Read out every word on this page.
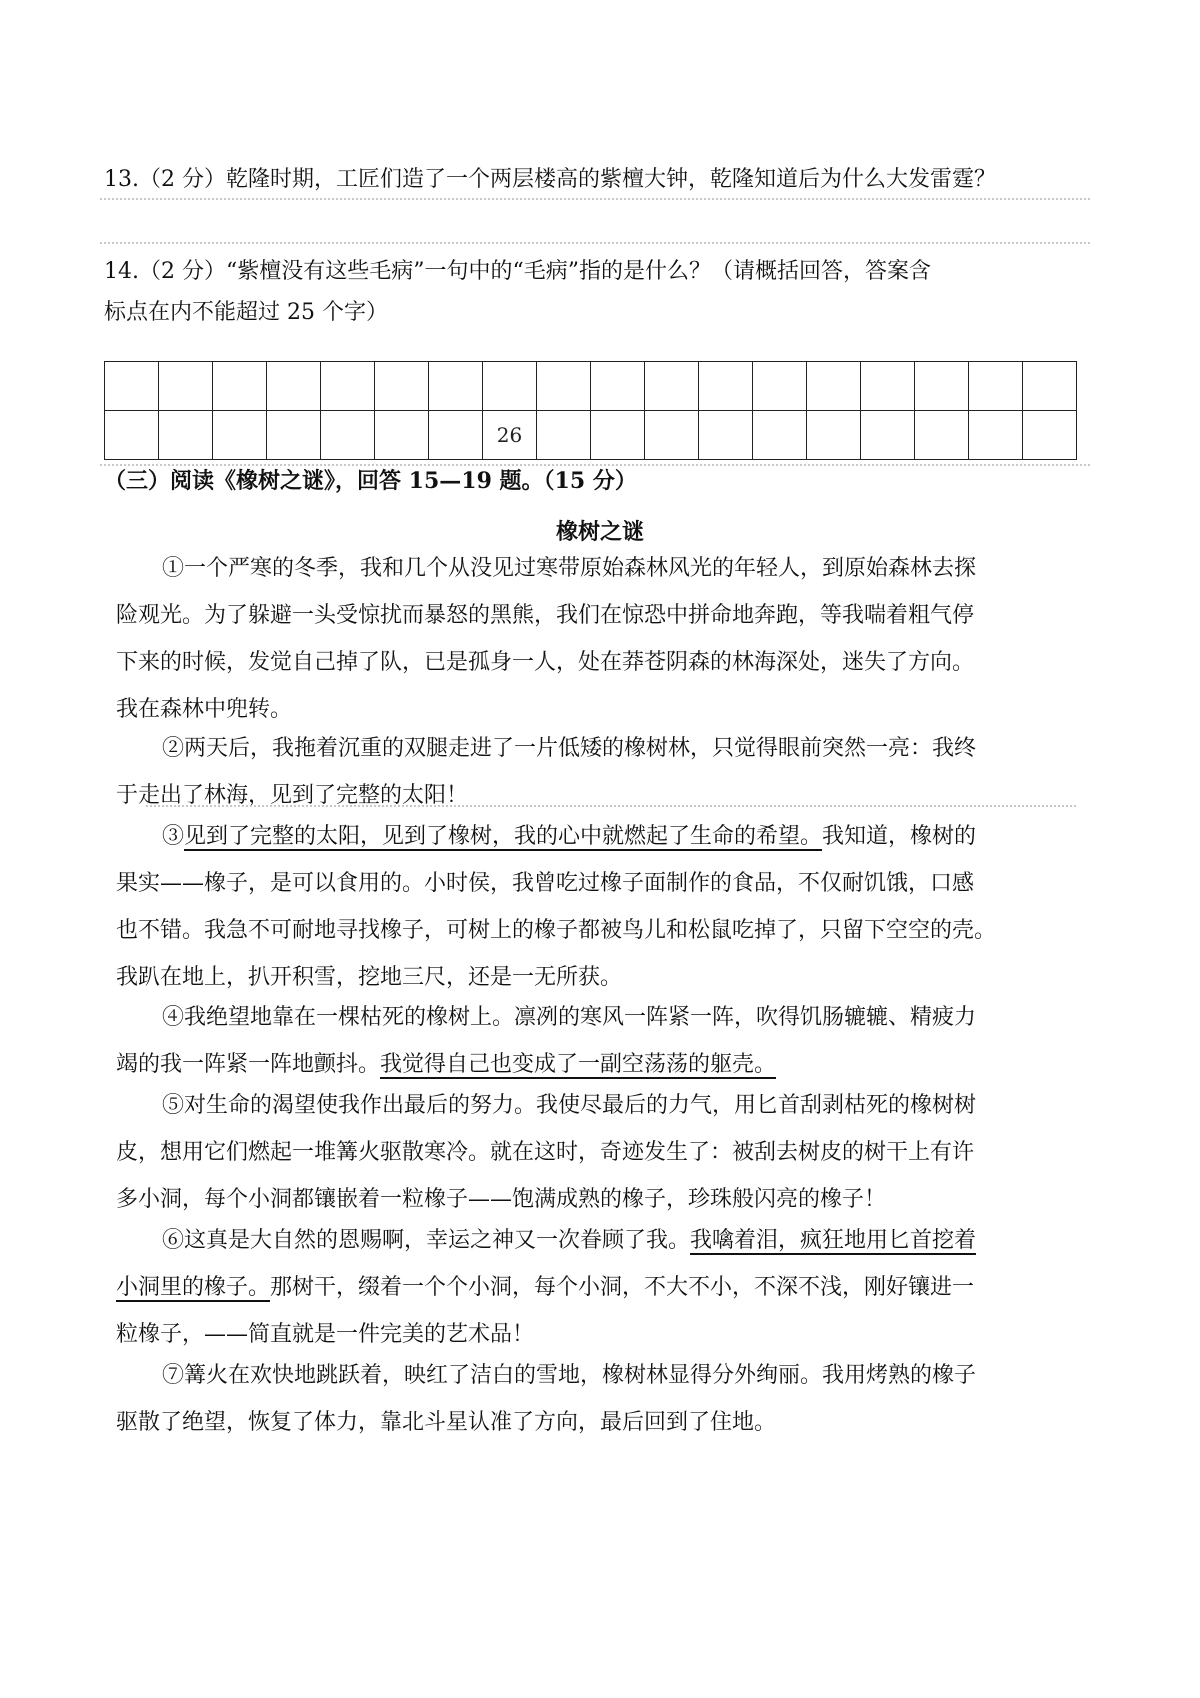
13.（2 分）乾隆时期，工匠们造了一个两层楼高的紫檀大钟，乾隆知道后为什么大发雷霆？
14.（2 分）“紫檀没有这些毛病”一句中的“毛病”指的是什么？（请概括回答，答案含
标点在内不能超过 25 个字）

							26										
（三）阅读《橡树之谜》，回答 15—19 题。（15 分）
橡树之谜
①一个严寒的冬季，我和几个从没见过寒带原始森林风光的年轻人，到原始森林去探
险观光。为了躲避一头受惊扰而暴怒的黑熊，我们在惊恐中拼命地奔跑，等我喘着粗气停
下来的时候，发觉自己掉了队，已是孤身一人，处在莽苍阴森的林海深处，迷失了方向。
我在森林中兜转。
②两天后，我拖着沉重的双腿走进了一片低矮的橡树林，只觉得眼前突然一亮：我终
于走出了林海，见到了完整的太阳！
③见到了完整的太阳，见到了橡树，我的心中就燃起了生命的希望。我知道，橡树的
果实——橡子，是可以食用的。小时侯，我曾吃过橡子面制作的食品，不仅耐饥饿，口感
也不错。我急不可耐地寻找橡子，可树上的橡子都被鸟儿和松鼠吃掉了，只留下空空的壳。
我趴在地上，扒开积雪，挖地三尺，还是一无所获。
④我绝望地靠在一棵枯死的橡树上。凛冽的寒风一阵紧一阵，吹得饥肠辘辘、精疲力
竭的我一阵紧一阵地颤抖。我觉得自己也变成了一副空荡荡的躯壳。
⑤对生命的渴望使我作出最后的努力。我使尽最后的力气，用匕首刮剥枯死的橡树树
皮，想用它们燃起一堆篝火驱散寒冷。就在这时，奇迹发生了：被刮去树皮的树干上有许
多小洞，每个小洞都镶嵌着一粒橡子——饱满成熟的橡子，珍珠般闪亮的橡子！
⑥这真是大自然的恩赐啊，幸运之神又一次眷顾了我。我噙着泪，疯狂地用匕首挖着
小洞里的橡子。那树干，缀着一个个小洞，每个小洞，不大不小，不深不浅，刚好镶进一
粒橡子，——简直就是一件完美的艺术品！
⑦篝火在欢快地跳跃着，映红了洁白的雪地，橡树林显得分外绚丽。我用烤熟的橡子
驱散了绝望，恢复了体力，靠北斗星认准了方向，最后回到了住地。
